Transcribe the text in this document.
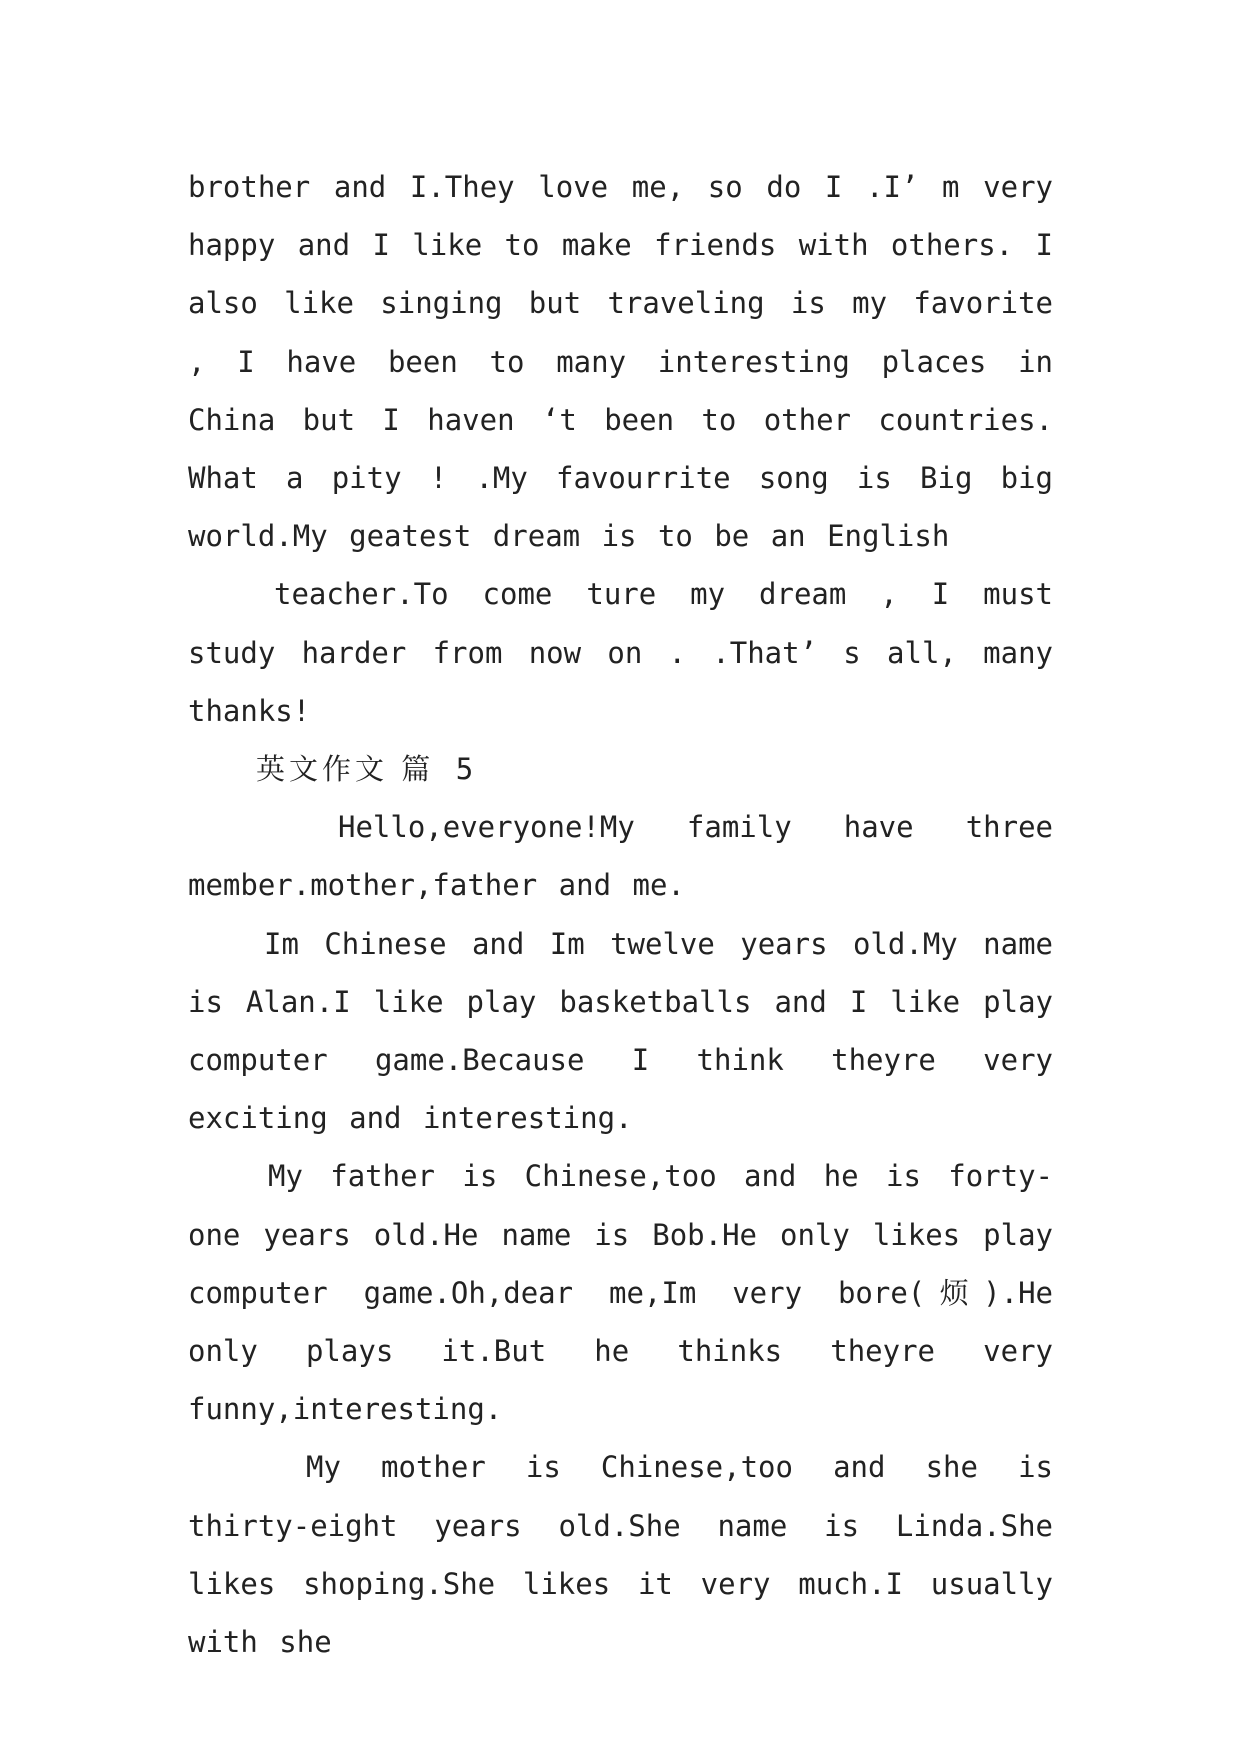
brother and I.They love me, so do I .I’ m very happy and I like to make friends with others. I also like singing but traveling is my favorite , I have been to many interesting places in China but I haven ‘t been to other countries. What a pity ! .My favourrite song is Big big world.My geatest dream is to be an English

teacher.To come ture my dream , I must study harder from now on . .That’ s all, many thanks!

英文作文 篇 5

Hello,everyone!My family have three member.mother,father and me.

Im Chinese and Im twelve years old.My name is Alan.I like play basketballs and I like play computer game.Because I think theyre very exciting and interesting.

My father is Chinese,too and he is forty-one years old.He name is Bob.He only likes play computer game.Oh,dear me,Im very bore(烦).He only plays it.But he thinks theyre very funny,interesting.

My mother is Chinese,too and she is thirty-eight years old.She name is Linda.She likes shoping.She likes it very much.I usually with she
